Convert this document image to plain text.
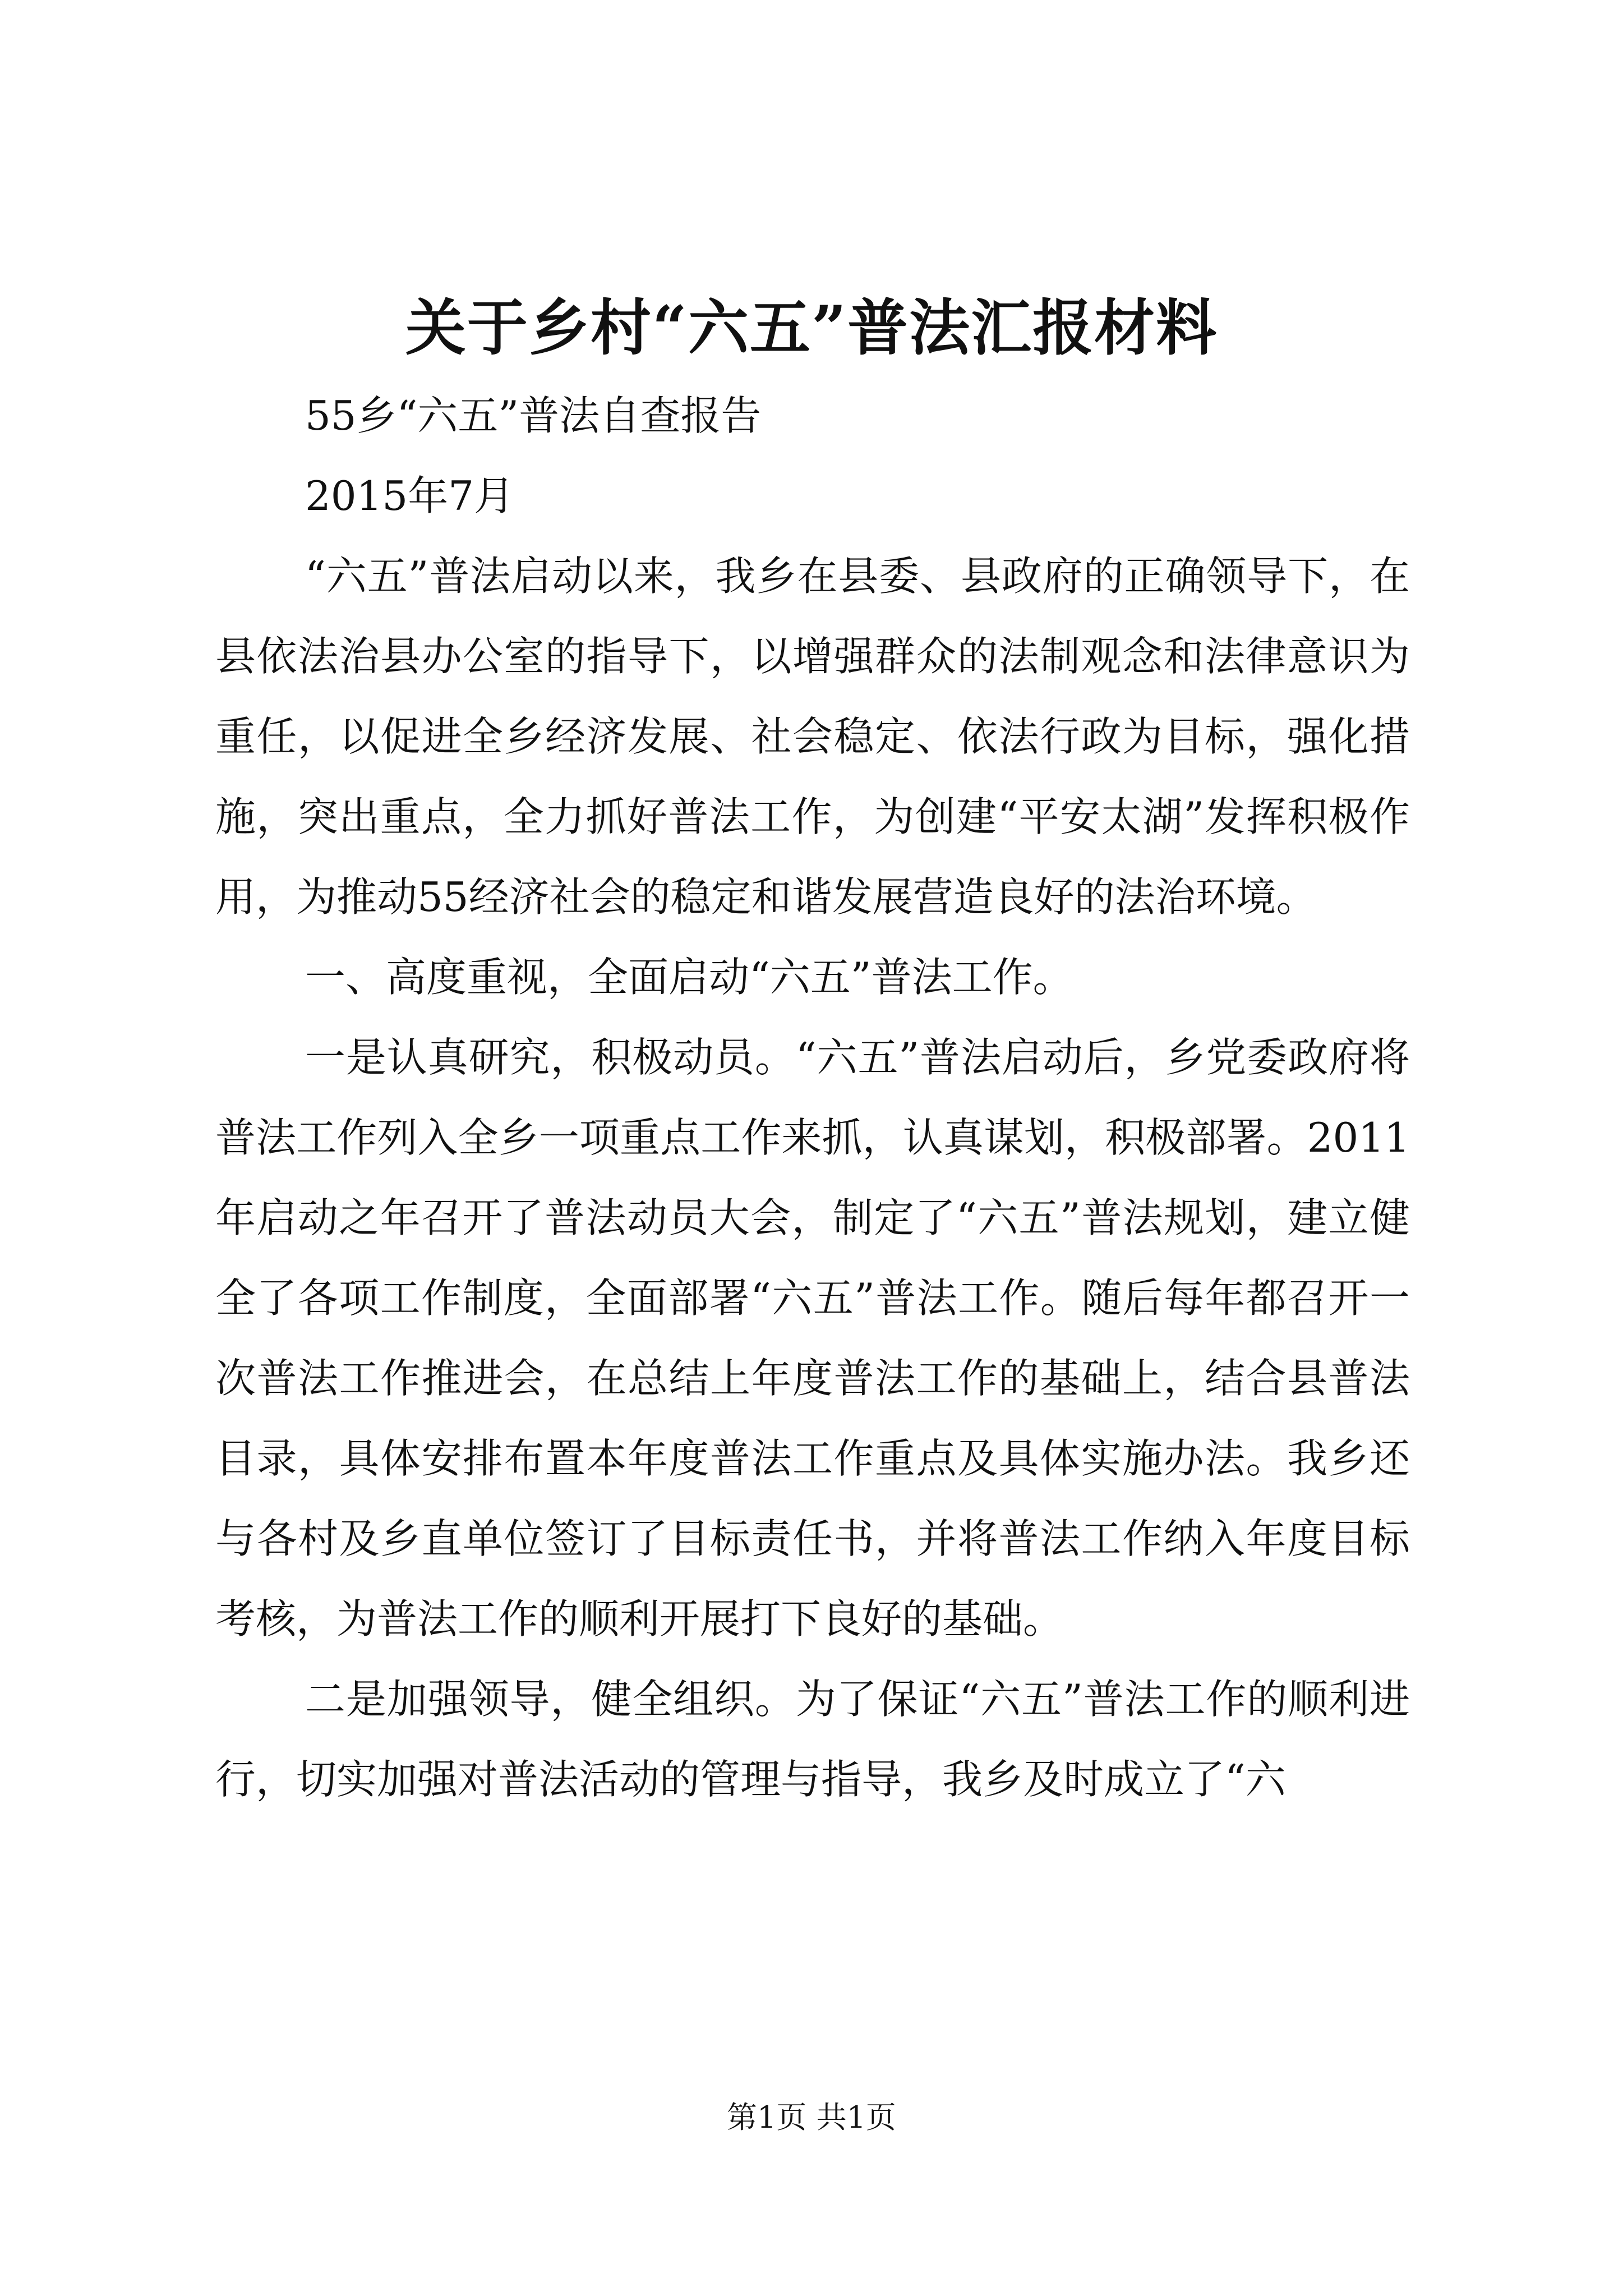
关于乡村“六五”普法汇报材料

55乡“六五”普法自查报告

2015年7月

“六五”普法启动以来，我乡在县委、县政府的正确领导下，在县依法治县办公室的指导下，以增强群众的法制观念和法律意识为重任，以促进全乡经济发展、社会稳定、依法行政为目标，强化措施，突出重点，全力抓好普法工作，为创建“平安太湖”发挥积极作用，为推动55经济社会的稳定和谐发展营造良好的法治环境。

一、高度重视，全面启动“六五”普法工作。

一是认真研究，积极动员。“六五”普法启动后，乡党委政府将普法工作列入全乡一项重点工作来抓，认真谋划，积极部署。2011年启动之年召开了普法动员大会，制定了“六五”普法规划，建立健全了各项工作制度，全面部署“六五”普法工作。随后每年都召开一次普法工作推进会，在总结上年度普法工作的基础上，结合县普法目录，具体安排布置本年度普法工作重点及具体实施办法。我乡还与各村及乡直单位签订了目标责任书，并将普法工作纳入年度目标考核，为普法工作的顺利开展打下良好的基础。

二是加强领导，健全组织。为了保证“六五”普法工作的顺利进行，切实加强对普法活动的管理与指导，我乡及时成立了“六

第1页 共1页
